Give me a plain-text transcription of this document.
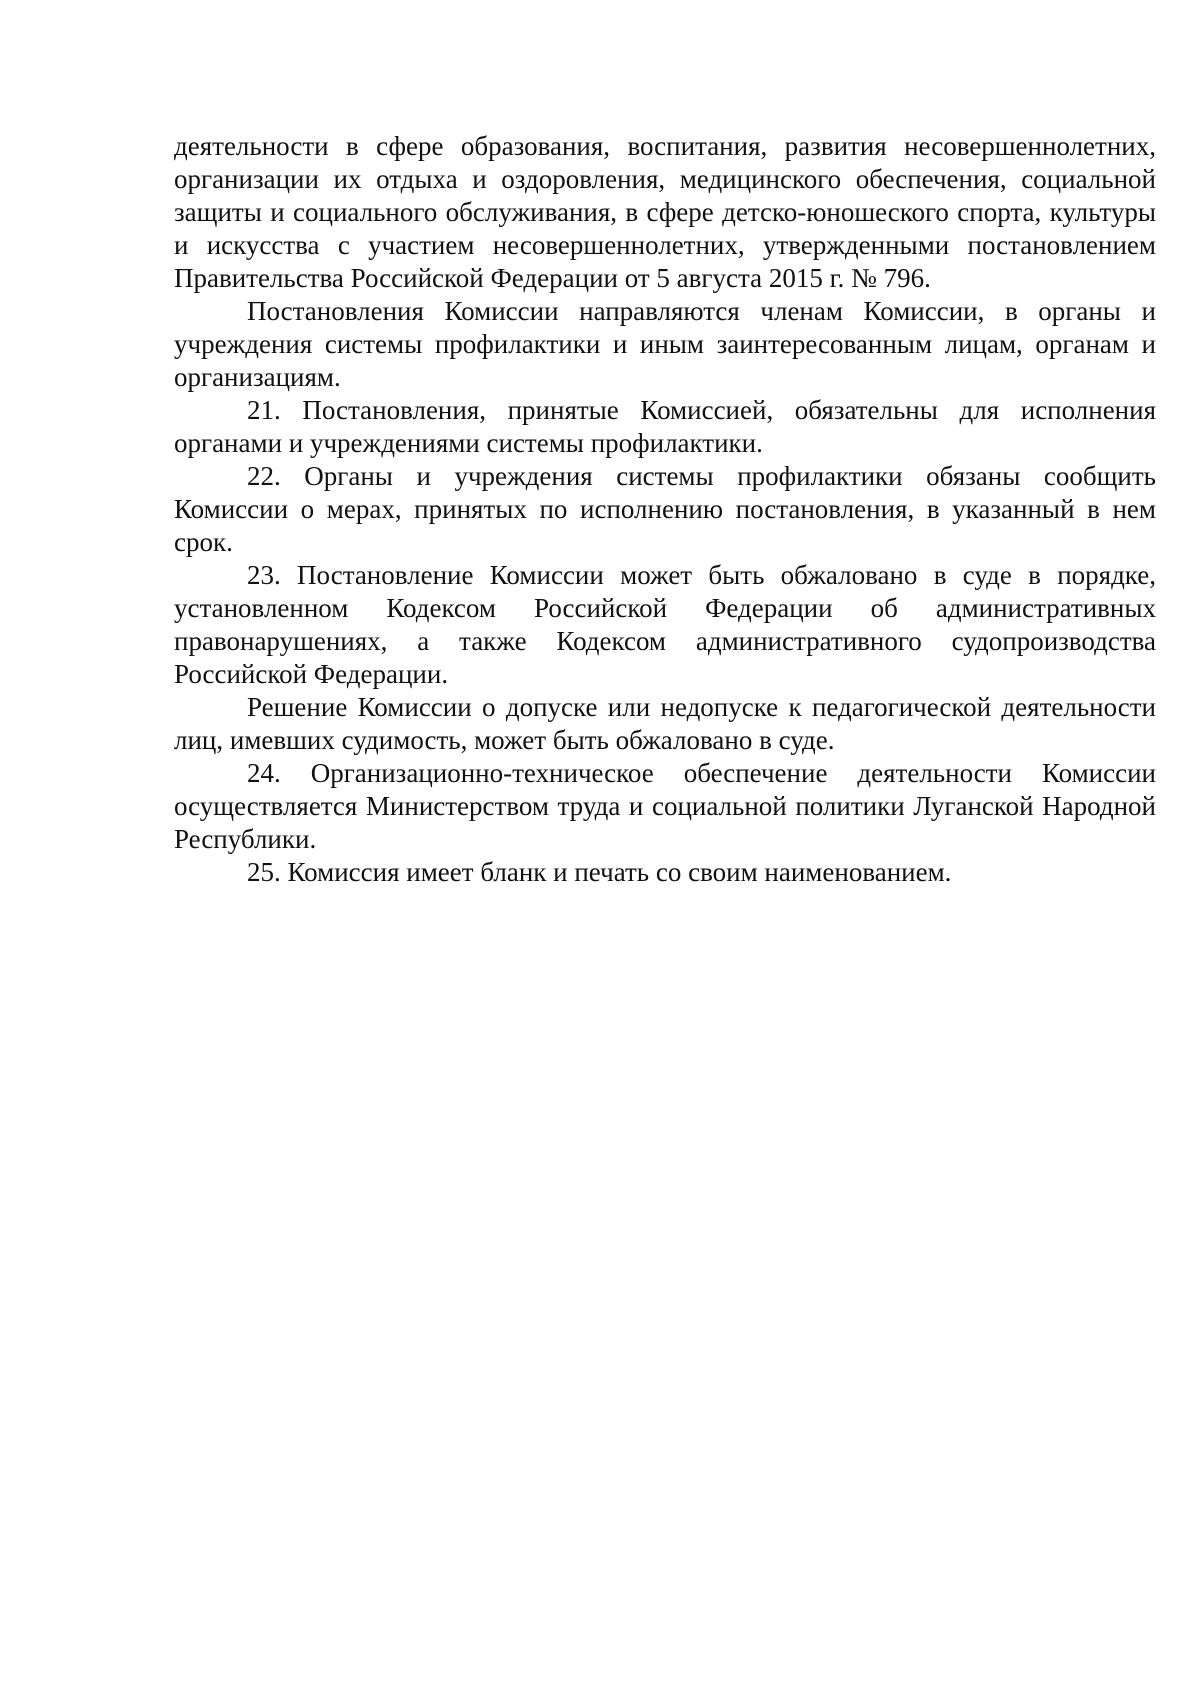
деятельности в сфере образования, воспитания, развития несовершеннолетних, организации их отдыха и оздоровления, медицинского обеспечения, социальной защиты и социального обслуживания, в сфере детско-юношеского спорта, культуры и искусства с участием несовершеннолетних, утвержденными постановлением Правительства Российской Федерации от 5 августа 2015 г. № 796.

Постановления Комиссии направляются членам Комиссии, в органы и учреждения системы профилактики и иным заинтересованным лицам, органам и организациям.

21. Постановления, принятые Комиссией, обязательны для исполнения органами и учреждениями системы профилактики.

22. Органы и учреждения системы профилактики обязаны сообщить Комиссии о мерах, принятых по исполнению постановления, в указанный в нем срок.

23. Постановление Комиссии может быть обжаловано в суде в порядке, установленном Кодексом Российской Федерации об административных правонарушениях, а также Кодексом административного судопроизводства Российской Федерации.

Решение Комиссии о допуске или недопуске к педагогической деятельности лиц, имевших судимость, может быть обжаловано в суде.

24. Организационно-техническое обеспечение деятельности Комиссии осуществляется Министерством труда и социальной политики Луганской Народной Республики.

25. Комиссия имеет бланк и печать со своим наименованием.
